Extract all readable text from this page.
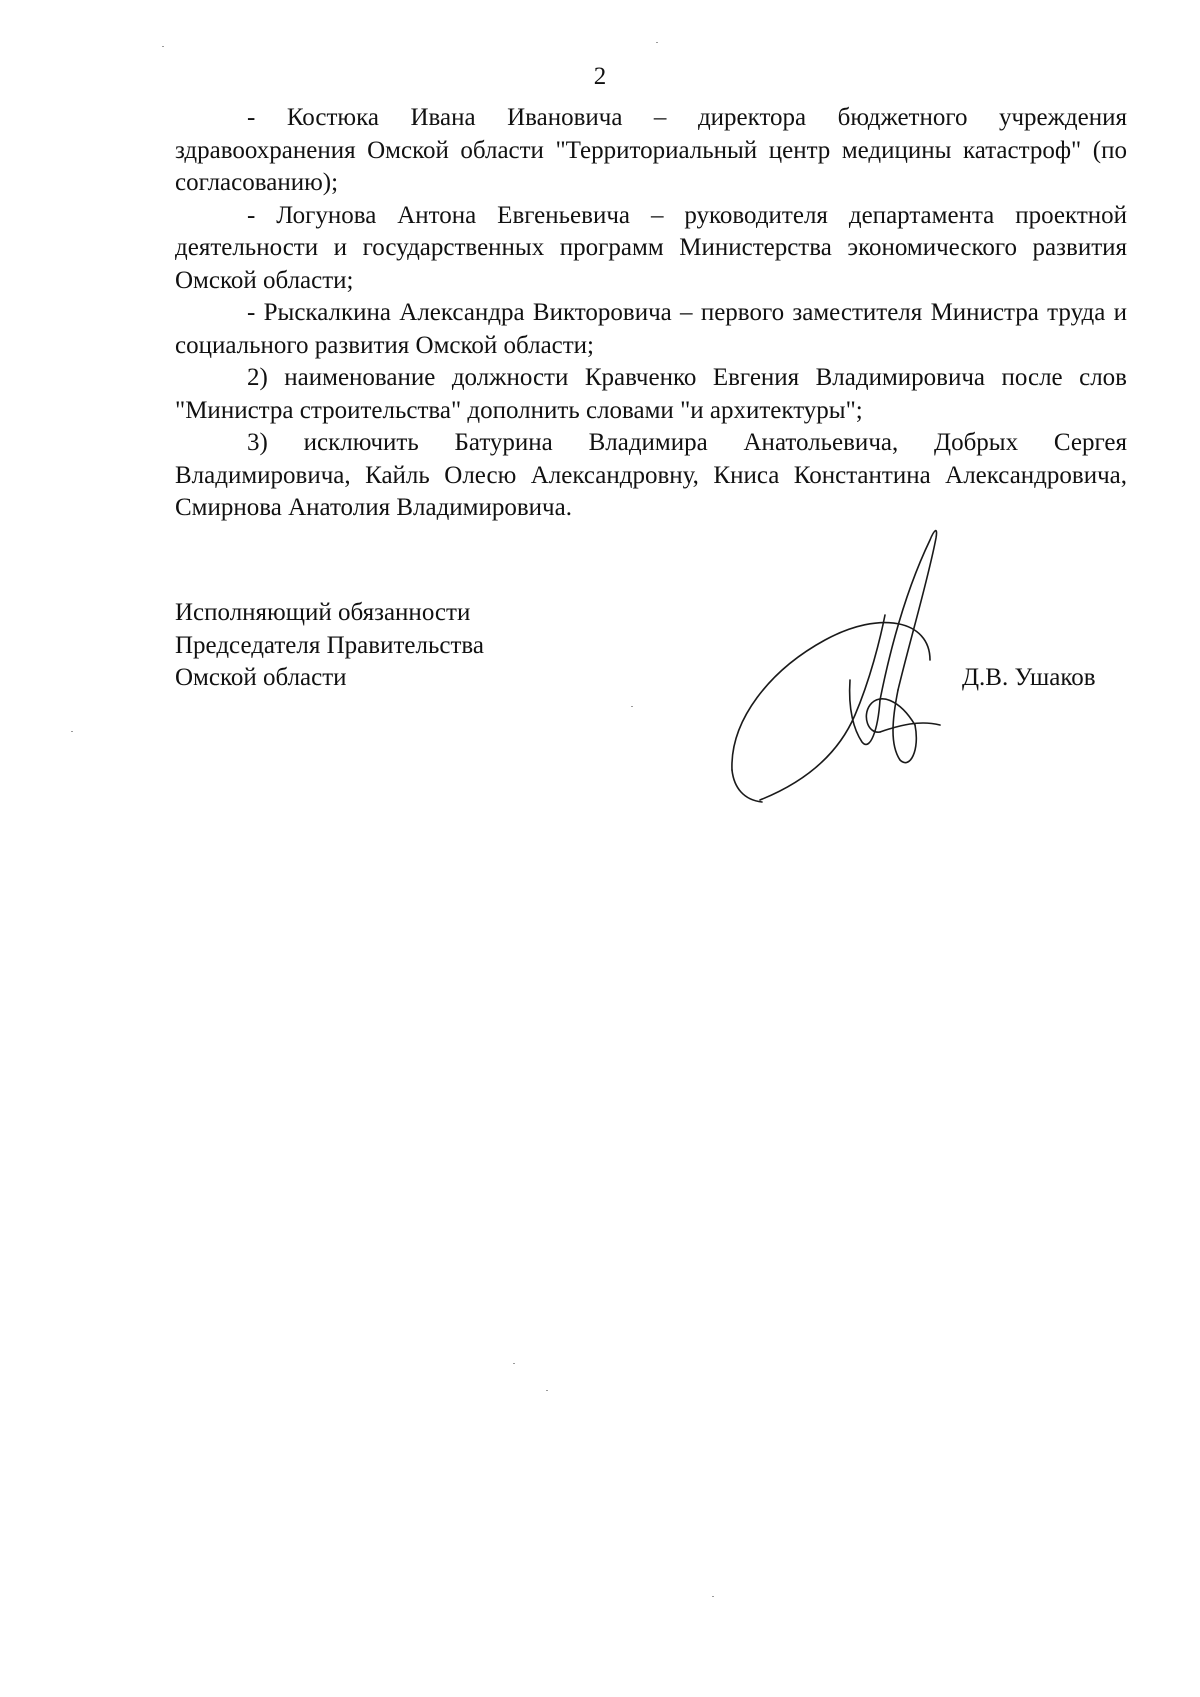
2

- Костюка Ивана Ивановича – директора бюджетного учреждения здравоохранения Омской области "Территориальный центр медицины катастроф" (по согласованию);

- Логунова Антона Евгеньевича – руководителя департамента проектной деятельности и государственных программ Министерства экономического развития Омской области;

- Рыскалкина Александра Викторовича – первого заместителя Министра труда и социального развития Омской области;

2) наименование должности Кравченко Евгения Владимировича после слов "Министра строительства" дополнить словами "и архитектуры";

3) исключить Батурина Владимира Анатольевича, Добрых Сергея Владимировича, Кайль Олесю Александровну, Книса Константина Александровича, Смирнова Анатолия Владимировича.

Исполняющий обязанности
Председателя Правительства
Омской области	Д.В. Ушаков
